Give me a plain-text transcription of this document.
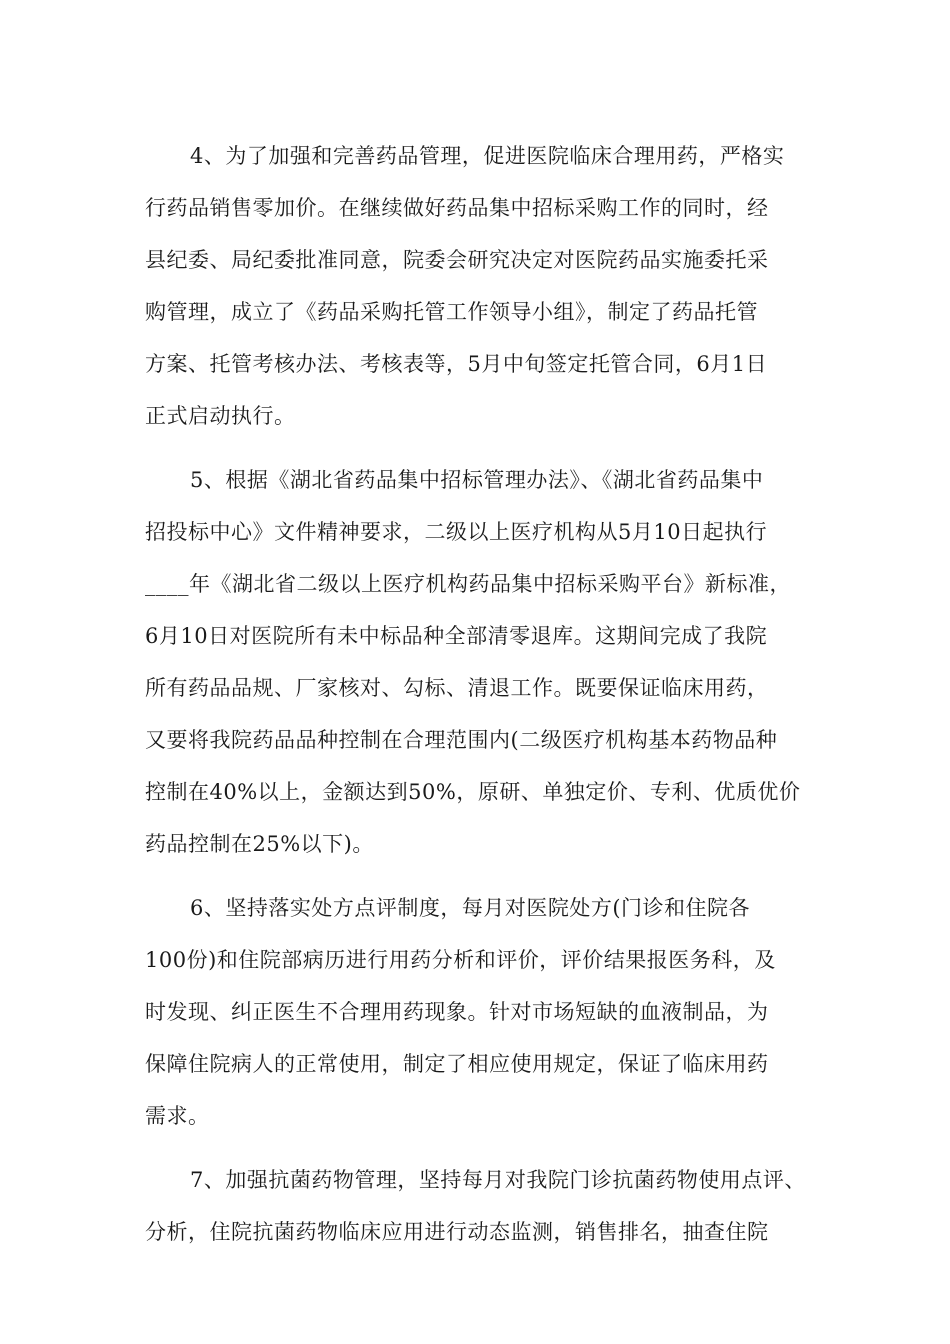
4、为了加强和完善药品管理，促进医院临床合理用药，严格实
行药品销售零加价。在继续做好药品集中招标采购工作的同时，经
县纪委、局纪委批准同意，院委会研究决定对医院药品实施委托采
购管理，成立了《药品采购托管工作领导小组》，制定了药品托管
方案、托管考核办法、考核表等，5月中旬签定托管合同，6月1日
正式启动执行。
5、根据《湖北省药品集中招标管理办法》、《湖北省药品集中
招投标中心》文件精神要求，二级以上医疗机构从5月10日起执行
____年《湖北省二级以上医疗机构药品集中招标采购平台》新标准，
6月10日对医院所有未中标品种全部清零退库。这期间完成了我院
所有药品品规、厂家核对、勾标、清退工作。既要保证临床用药，
又要将我院药品品种控制在合理范围内(二级医疗机构基本药物品种
控制在40%以上，金额达到50%，原研、单独定价、专利、优质优价
药品控制在25%以下)。
6、坚持落实处方点评制度，每月对医院处方(门诊和住院各
100份)和住院部病历进行用药分析和评价，评价结果报医务科，及
时发现、纠正医生不合理用药现象。针对市场短缺的血液制品，为
保障住院病人的正常使用，制定了相应使用规定，保证了临床用药
需求。
7、加强抗菌药物管理，坚持每月对我院门诊抗菌药物使用点评、
分析，住院抗菌药物临床应用进行动态监测，销售排名，抽查住院
